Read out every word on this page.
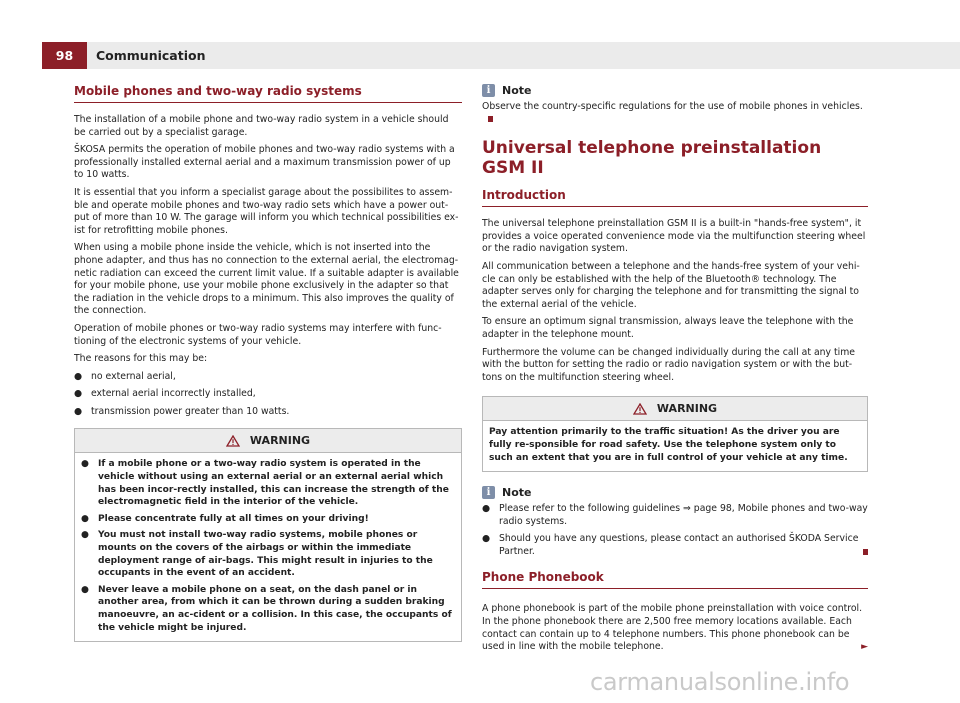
98	Communication
Mobile phones and two-way radio systems
The installation of a mobile phone and two-way radio system in a vehicle should be carried out by a specialist garage.
ŠKOSA permits the operation of mobile phones and two-way radio systems with a professionally installed external aerial and a maximum transmission power of up to 10 watts.
It is essential that you inform a specialist garage about the possibilites to assem-ble and operate mobile phones and two-way radio sets which have a power out-put of more than 10 W. The garage will inform you which technical possibilities ex-ist for retrofitting mobile phones.
When using a mobile phone inside the vehicle, which is not inserted into the phone adapter, and thus has no connection to the external aerial, the electromag-netic radiation can exceed the current limit value. If a suitable adapter is available for your mobile phone, use your mobile phone exclusively in the adapter so that the radiation in the vehicle drops to a minimum. This also improves the quality of the connection.
Operation of mobile phones or two-way radio systems may interfere with func-tioning of the electronic systems of your vehicle.
The reasons for this may be:
● no external aerial,
● external aerial incorrectly installed,
● transmission power greater than 10 watts.
WARNING
● If a mobile phone or a two-way radio system is operated in the vehicle without using an external aerial or an external aerial which has been incor-rectly installed, this can increase the strength of the electromagnetic field in the interior of the vehicle.
● Please concentrate fully at all times on your driving!
● You must not install two-way radio systems, mobile phones or mounts on the covers of the airbags or within the immediate deployment range of air-bags. This might result in injuries to the occupants in the event of an accident.
● Never leave a mobile phone on a seat, on the dash panel or in another area, from which it can be thrown during a sudden braking manoeuvre, an ac-cident or a collision. In this case, the occupants of the vehicle might be injured.
i	Note
Observe the country-specific regulations for the use of mobile phones in vehicles.
Universal telephone preinstallation GSM II
Introduction
The universal telephone preinstallation GSM II is a built-in "hands-free system", it provides a voice operated convenience mode via the multifunction steering wheel or the radio navigation system.
All communication between a telephone and the hands-free system of your vehi-cle can only be established with the help of the Bluetooth® technology. The adapter serves only for charging the telephone and for transmitting the signal to the external aerial of the vehicle.
To ensure an optimum signal transmission, always leave the telephone with the adapter in the telephone mount.
Furthermore the volume can be changed individually during the call at any time with the button for setting the radio or radio navigation system or with the but-tons on the multifunction steering wheel.
WARNING
Pay attention primarily to the traffic situation! As the driver you are fully re-sponsible for road safety. Use the telephone system only to such an extent that you are in full control of your vehicle at any time.
i	Note
● Please refer to the following guidelines ⇒ page 98, Mobile phones and two-way radio systems.
● Should you have any questions, please contact an authorised ŠKODA Service Partner.
Phone Phonebook
A phone phonebook is part of the mobile phone preinstallation with voice control. In the phone phonebook there are 2,500 free memory locations available. Each contact can contain up to 4 telephone numbers. This phone phonebook can be used in line with the mobile telephone.	►
carmanualsonline.info
